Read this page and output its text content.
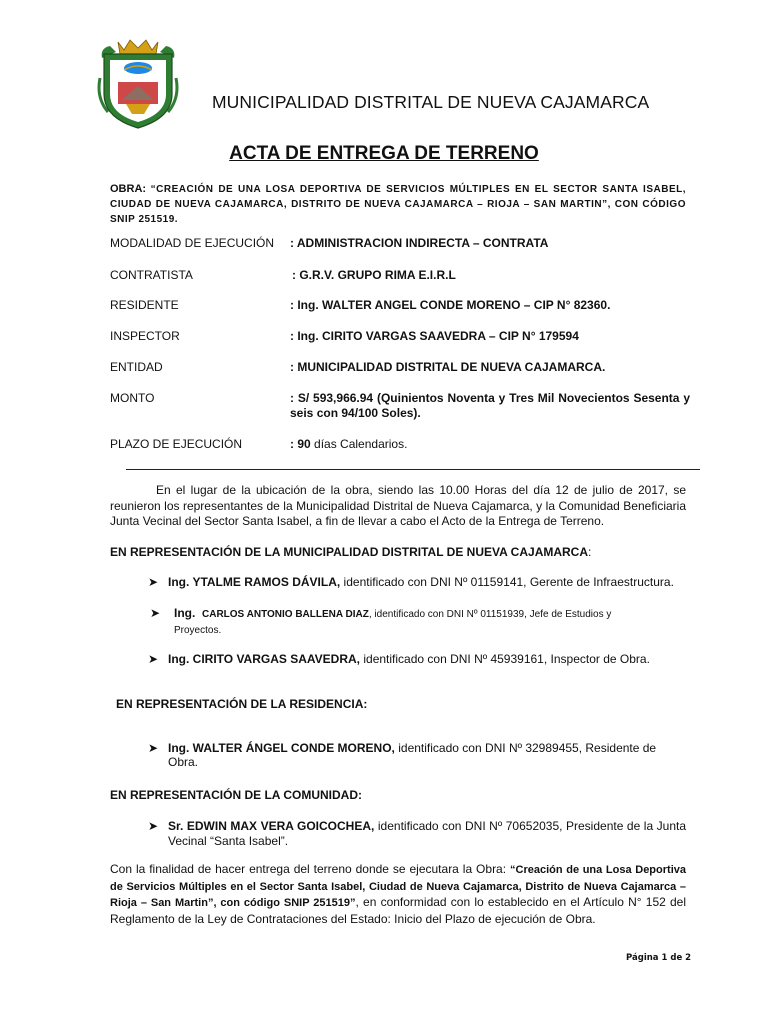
MUNICIPALIDAD DISTRITAL DE NUEVA CAJAMARCA
ACTA DE ENTREGA DE TERRENO
OBRA: “CREACIÓN DE UNA LOSA DEPORTIVA DE SERVICIOS MÚLTIPLES EN EL SECTOR SANTA ISABEL, CIUDAD DE NUEVA CAJAMARCA, DISTRITO DE NUEVA CAJAMARCA – RIOJA – SAN MARTIN”, CON CÓDIGO SNIP 251519.
MODALIDAD DE EJECUCIÓN : ADMINISTRACION INDIRECTA – CONTRATA
CONTRATISTA	: G.R.V. GRUPO RIMA E.I.R.L
RESIDENTE	: Ing. WALTER ANGEL CONDE MORENO – CIP N° 82360.
INSPECTOR	: Ing. CIRITO VARGAS SAAVEDRA – CIP N° 179594
ENTIDAD	: MUNICIPALIDAD DISTRITAL DE NUEVA CAJAMARCA.
MONTO	: S/ 593,966.94 (Quinientos Noventa y Tres Mil Novecientos Sesenta y seis con 94/100 Soles).
PLAZO DE EJECUCIÓN	: 90 días Calendarios.
En el lugar de la ubicación de la obra, siendo las 10.00 Horas del día 12 de julio de 2017, se reunieron los representantes de la Municipalidad Distrital de Nueva Cajamarca, y la Comunidad Beneficiaria Junta Vecinal del Sector Santa Isabel, a fin de llevar a cabo el Acto de la Entrega de Terreno.
EN REPRESENTACIÓN DE LA MUNICIPALIDAD DISTRITAL DE NUEVA CAJAMARCA:
➤ Ing. YTALME RAMOS DÁVILA, identificado con DNI Nº 01159141, Gerente de Infraestructura.
➤ Ing. CARLOS ANTONIO BALLENA DIAZ, identificado con DNI Nº 01151939, Jefe de Estudios y Proyectos.
➤ Ing. CIRITO VARGAS SAAVEDRA, identificado con DNI Nº 45939161, Inspector de Obra.
EN REPRESENTACIÓN DE LA RESIDENCIA:
➤ Ing. WALTER ÁNGEL CONDE MORENO, identificado con DNI Nº 32989455, Residente de Obra.
EN REPRESENTACIÓN DE LA COMUNIDAD:
➤ Sr. EDWIN MAX VERA GOICOCHEA, identificado con DNI Nº 70652035, Presidente de la Junta Vecinal “Santa Isabel”.
Con la finalidad de hacer entrega del terreno donde se ejecutara la Obra: “Creación de una Losa Deportiva de Servicios Múltiples en el Sector Santa Isabel, Ciudad de Nueva Cajamarca, Distrito de Nueva Cajamarca – Rioja – San Martin”, con código SNIP 251519”, en conformidad con lo establecido en el Artículo N° 152 del Reglamento de la Ley de Contrataciones del Estado: Inicio del Plazo de ejecución de Obra.
Página 1 de 2
